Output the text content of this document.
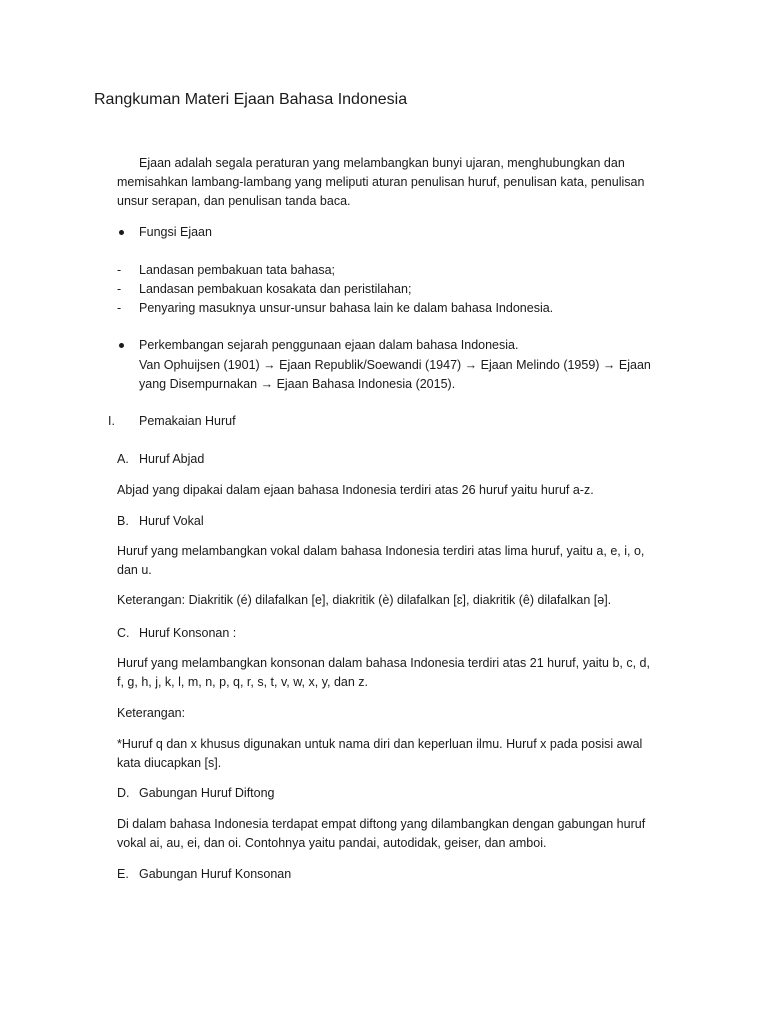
Rangkuman Materi Ejaan Bahasa Indonesia
Ejaan adalah segala peraturan yang melambangkan bunyi ujaran, menghubungkan dan
memisahkan lambang-lambang yang meliputi aturan penulisan huruf, penulisan kata, penulisan
unsur serapan, dan penulisan tanda baca.
Fungsi Ejaan
- Landasan pembakuan tata bahasa;
- Landasan pembakuan kosakata dan peristilahan;
- Penyaring masuknya unsur-unsur bahasa lain ke dalam bahasa Indonesia.
Perkembangan sejarah penggunaan ejaan dalam bahasa Indonesia.
Van Ophuijsen (1901) → Ejaan Republik/Soewandi (1947) → Ejaan Melindo (1959) → Ejaan
yang Disempurnakan → Ejaan Bahasa Indonesia (2015).
I. Pemakaian Huruf
A. Huruf Abjad
Abjad yang dipakai dalam ejaan bahasa Indonesia terdiri atas 26 huruf yaitu huruf a-z.
B. Huruf Vokal
Huruf yang melambangkan vokal dalam bahasa Indonesia terdiri atas lima huruf, yaitu a, e, i, o,
dan u.
Keterangan: Diakritik (é) dilafalkan [e], diakritik (è) dilafalkan [ɛ], diakritik (ê) dilafalkan [ə].
C. Huruf Konsonan :
Huruf yang melambangkan konsonan dalam bahasa Indonesia terdiri atas 21 huruf, yaitu b, c, d,
f, g, h, j, k, l, m, n, p, q, r, s, t, v, w, x, y, dan z.
Keterangan:
*Huruf q dan x khusus digunakan untuk nama diri dan keperluan ilmu. Huruf x pada posisi awal
kata diucapkan [s].
D. Gabungan Huruf Diftong
Di dalam bahasa Indonesia terdapat empat diftong yang dilambangkan dengan gabungan huruf
vokal ai, au, ei, dan oi. Contohnya yaitu pandai, autodidak, geiser, dan amboi.
E. Gabungan Huruf Konsonan
